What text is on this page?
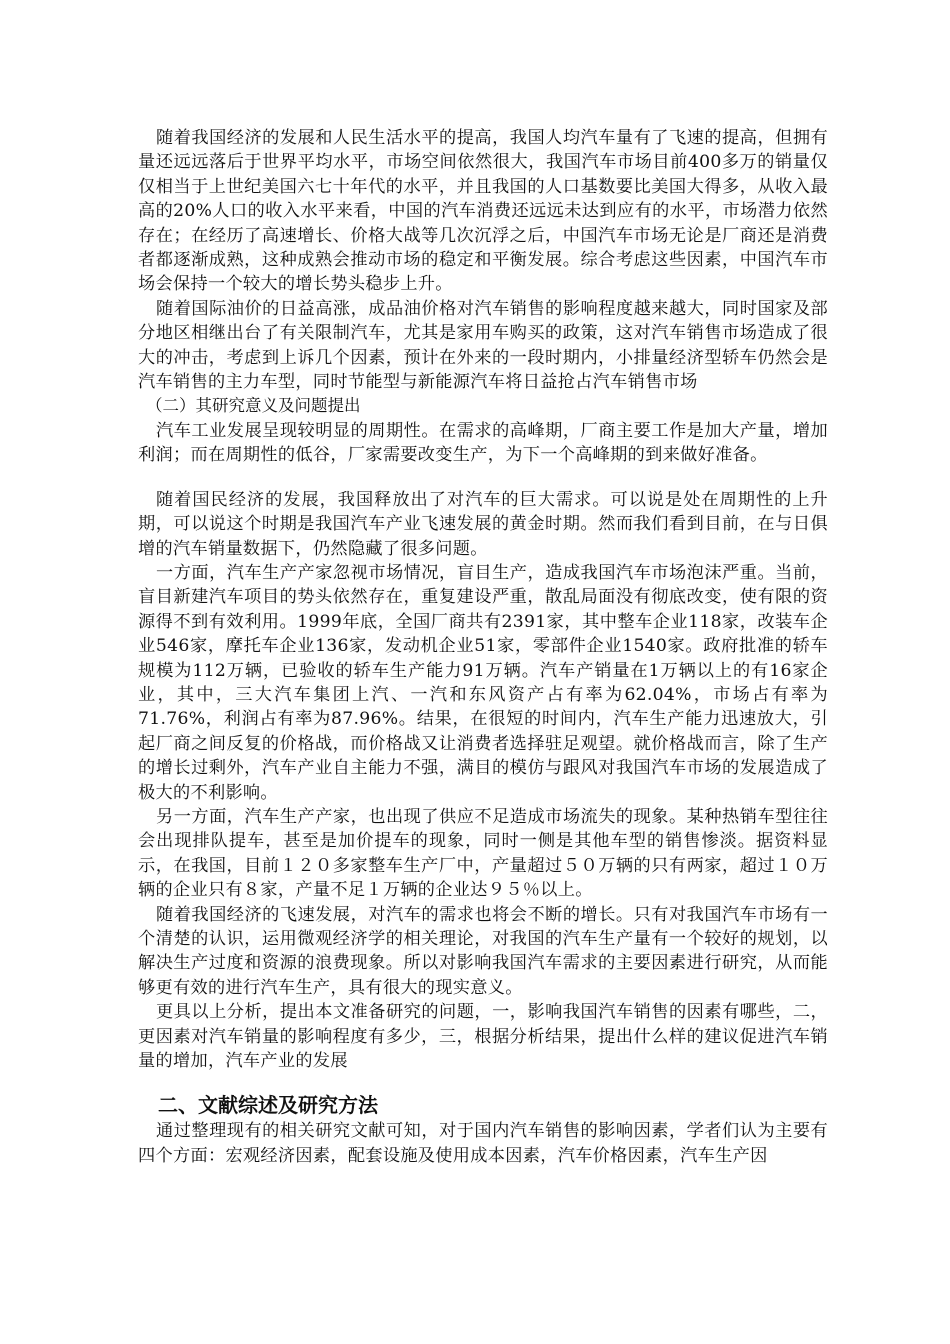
随着我国经济的发展和人民生活水平的提高，我国人均汽车量有了飞速的提高，但拥有量还远远落后于世界平均水平，市场空间依然很大，我国汽车市场目前400多万的销量仅仅相当于上世纪美国六七十年代的水平，并且我国的人口基数要比美国大得多，从收入最高的20%人口的收入水平来看，中国的汽车消费还远远未达到应有的水平，市场潜力依然存在；在经历了高速增长、价格大战等几次沉浮之后，中国汽车市场无论是厂商还是消费者都逐渐成熟，这种成熟会推动市场的稳定和平衡发展。综合考虑这些因素，中国汽车市场会保持一个较大的增长势头稳步上升。

随着国际油价的日益高涨，成品油价格对汽车销售的影响程度越来越大，同时国家及部分地区相继出台了有关限制汽车，尤其是家用车购买的政策，这对汽车销售市场造成了很大的冲击，考虑到上诉几个因素，预计在外来的一段时期内，小排量经济型轿车仍然会是汽车销售的主力车型，同时节能型与新能源汽车将日益抢占汽车销售市场

（二）其研究意义及问题提出

汽车工业发展呈现较明显的周期性。在需求的高峰期，厂商主要工作是加大产量，增加利润；而在周期性的低谷，厂家需要改变生产，为下一个高峰期的到来做好准备。

随着国民经济的发展，我国释放出了对汽车的巨大需求。可以说是处在周期性的上升期，可以说这个时期是我国汽车产业飞速发展的黄金时期。然而我们看到目前，在与日俱增的汽车销量数据下，仍然隐藏了很多问题。

一方面，汽车生产产家忽视市场情况，盲目生产，造成我国汽车市场泡沫严重。当前，盲目新建汽车项目的势头依然存在，重复建设严重，散乱局面没有彻底改变，使有限的资源得不到有效利用。1999年底，全国厂商共有2391家，其中整车企业118家，改装车企业546家，摩托车企业136家，发动机企业51家，零部件企业1540家。政府批准的轿车规模为112万辆，已验收的轿车生产能力91万辆。汽车产销量在1万辆以上的有16家企业，其中，三大汽车集团上汽、一汽和东风资产占有率为62.04%，市场占有率为71.76%，利润占有率为87.96%。结果，在很短的时间内，汽车生产能力迅速放大，引起厂商之间反复的价格战，而价格战又让消费者选择驻足观望。就价格战而言，除了生产的增长过剩外，汽车产业自主能力不强，满目的模仿与跟风对我国汽车市场的发展造成了极大的不利影响。

另一方面，汽车生产产家，也出现了供应不足造成市场流失的现象。某种热销车型往往会出现排队提车，甚至是加价提车的现象，同时一侧是其他车型的销售惨淡。据资料显示，在我国，目前１２０多家整车生产厂中，产量超过５０万辆的只有两家，超过１０万辆的企业只有８家，产量不足１万辆的企业达９５％以上。

随着我国经济的飞速发展，对汽车的需求也将会不断的增长。只有对我国汽车市场有一个清楚的认识，运用微观经济学的相关理论，对我国的汽车生产量有一个较好的规划，以解决生产过度和资源的浪费现象。所以对影响我国汽车需求的主要因素进行研究，从而能够更有效的进行汽车生产，具有很大的现实意义。

更具以上分析，提出本文准备研究的问题，一，影响我国汽车销售的因素有哪些，二，更因素对汽车销量的影响程度有多少，三，根据分析结果，提出什么样的建议促进汽车销量的增加，汽车产业的发展

二、文献综述及研究方法

通过整理现有的相关研究文献可知，对于国内汽车销售的影响因素，学者们认为主要有四个方面：宏观经济因素，配套设施及使用成本因素，汽车价格因素，汽车生产因
